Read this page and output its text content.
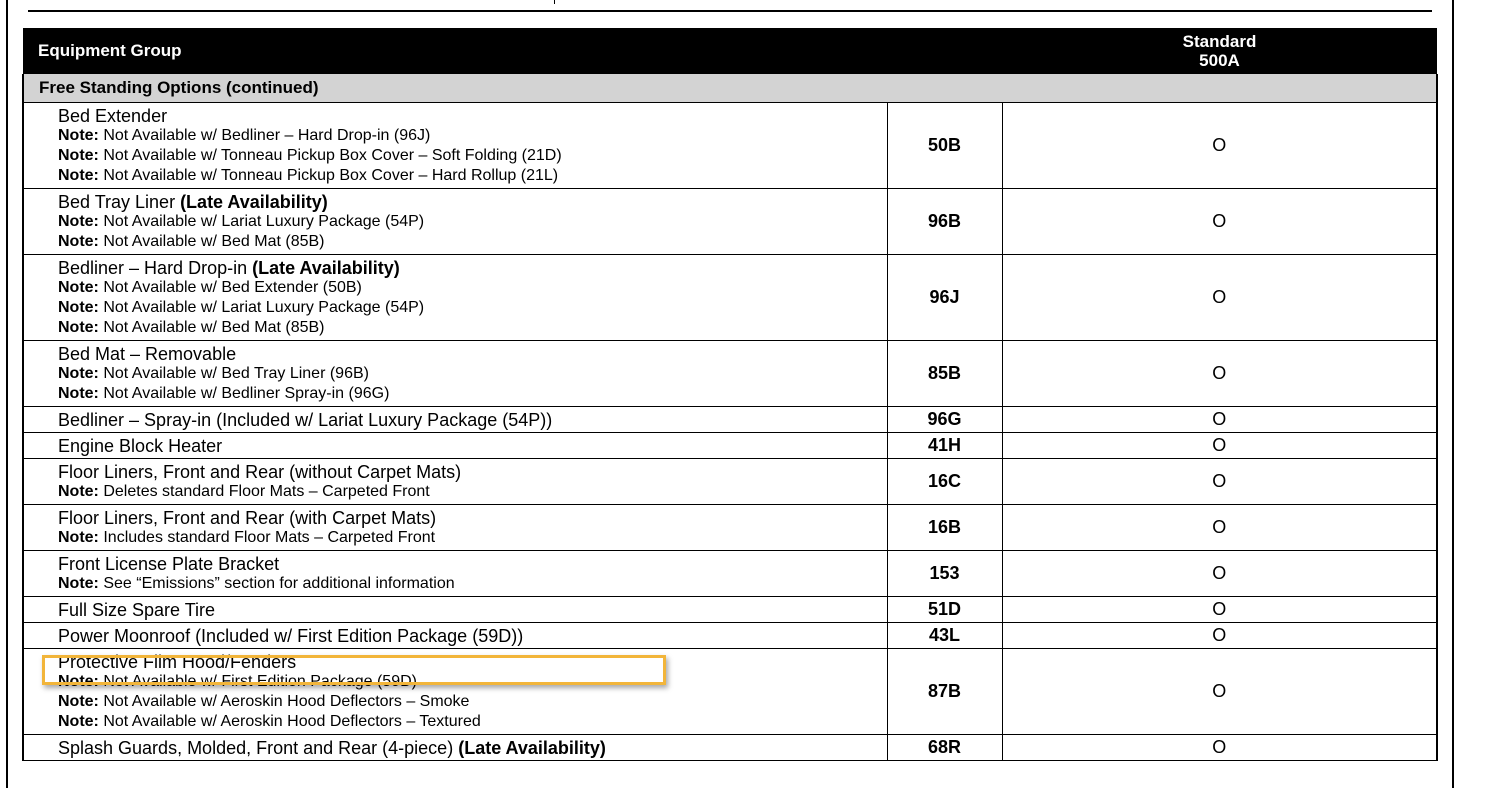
Equipment Group		Standard
500A

Free Standing Options (continued)		

Bed Extender
Note: Not Available w/ Bedliner – Hard Drop-in (96J)
Note: Not Available w/ Tonneau Pickup Box Cover – Soft Folding (21D)
Note: Not Available w/ Tonneau Pickup Box Cover – Hard Rollup (21L)	50B	O

Bed Tray Liner (Late Availability)
Note: Not Available w/ Lariat Luxury Package (54P)
Note: Not Available w/ Bed Mat (85B)	96B	O

Bedliner – Hard Drop-in (Late Availability)
Note: Not Available w/ Bed Extender (50B)
Note: Not Available w/ Lariat Luxury Package (54P)
Note: Not Available w/ Bed Mat (85B)	96J	O

Bed Mat – Removable
Note: Not Available w/ Bed Tray Liner (96B)
Note: Not Available w/ Bedliner Spray-in (96G)	85B	O

Bedliner – Spray-in (Included w/ Lariat Luxury Package (54P))	96G	O

Engine Block Heater	41H	O

Floor Liners, Front and Rear (without Carpet Mats)
Note: Deletes standard Floor Mats – Carpeted Front	16C	O

Floor Liners, Front and Rear (with Carpet Mats)
Note: Includes standard Floor Mats – Carpeted Front	16B	O

Front License Plate Bracket
Note: See “Emissions” section for additional information	153	O

Full Size Spare Tire	51D	O

Power Moonroof (Included w/ First Edition Package (59D))	43L	O

Protective Film Hood/Fenders
Note: Not Available w/ First Edition Package (59D)
Note: Not Available w/ Aeroskin Hood Deflectors – Smoke
Note: Not Available w/ Aeroskin Hood Deflectors – Textured	87B	O

Splash Guards, Molded, Front and Rear (4-piece) (Late Availability)	68R	O
